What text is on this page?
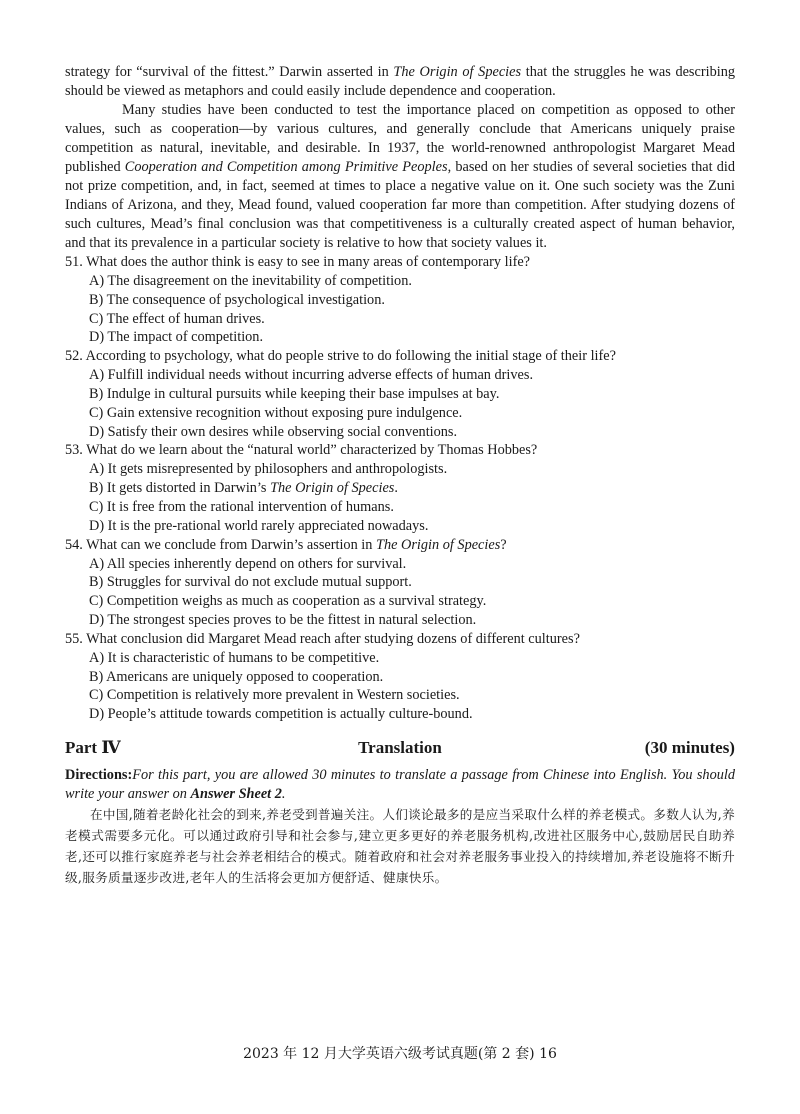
strategy for “survival of the fittest.” Darwin asserted in The Origin of Species that the struggles he was describing should be viewed as metaphors and could easily include dependence and cooperation.

Many studies have been conducted to test the importance placed on competition as opposed to other values, such as cooperation—by various cultures, and generally conclude that Americans uniquely praise competition as natural, inevitable, and desirable. In 1937, the world-renowned anthropologist Margaret Mead published Cooperation and Competition among Primitive Peoples, based on her studies of several societies that did not prize competition, and, in fact, seemed at times to place a negative value on it. One such society was the Zuni Indians of Arizona, and they, Mead found, valued cooperation far more than competition. After studying dozens of such cultures, Mead’s final conclusion was that competitiveness is a culturally created aspect of human behavior, and that its prevalence in a particular society is relative to how that society values it.

51. What does the author think is easy to see in many areas of contemporary life?

A) The disagreement on the inevitability of competition.

B) The consequence of psychological investigation.

C) The effect of human drives.

D) The impact of competition.

52. According to psychology, what do people strive to do following the initial stage of their life?

A) Fulfill individual needs without incurring adverse effects of human drives.

B) Indulge in cultural pursuits while keeping their base impulses at bay.

C) Gain extensive recognition without exposing pure indulgence.

D) Satisfy their own desires while observing social conventions.

53. What do we learn about the “natural world” characterized by Thomas Hobbes?

A) It gets misrepresented by philosophers and anthropologists.

B) It gets distorted in Darwin’s The Origin of Species.

C) It is free from the rational intervention of humans.

D) It is the pre-rational world rarely appreciated nowadays.

54. What can we conclude from Darwin’s assertion in The Origin of Species?

A) All species inherently depend on others for survival.

B) Struggles for survival do not exclude mutual support.

C) Competition weighs as much as cooperation as a survival strategy.

D) The strongest species proves to be the fittest in natural selection.

55. What conclusion did Margaret Mead reach after studying dozens of different cultures?

A) It is characteristic of humans to be competitive.

B) Americans are uniquely opposed to cooperation.

C) Competition is relatively more prevalent in Western societies.

D) People’s attitude towards competition is actually culture-bound.

Part Ⅳ	Translation	(30 minutes)

Directions:For this part, you are allowed 30 minutes to translate a passage from Chinese into English. You should write your answer on Answer Sheet 2.

在中国,随着老龄化社会的到来,养老受到普遍关注。人们谈论最多的是应当采取什么样的养老模式。多数人认为,养老模式需要多元化。可以通过政府引导和社会参与,建立更多更好的养老服务机构,改进社区服务中心,鼓励居民自助养老,还可以推行家庭养老与社会养老相结合的模式。随着政府和社会对养老服务事业投入的持续增加,养老设施将不断升级,服务质量逐步改进,老年人的生活将会更加方便舒适、健康快乐。

2023 年 12 月大学英语六级考试真题(第 2 套) 16
